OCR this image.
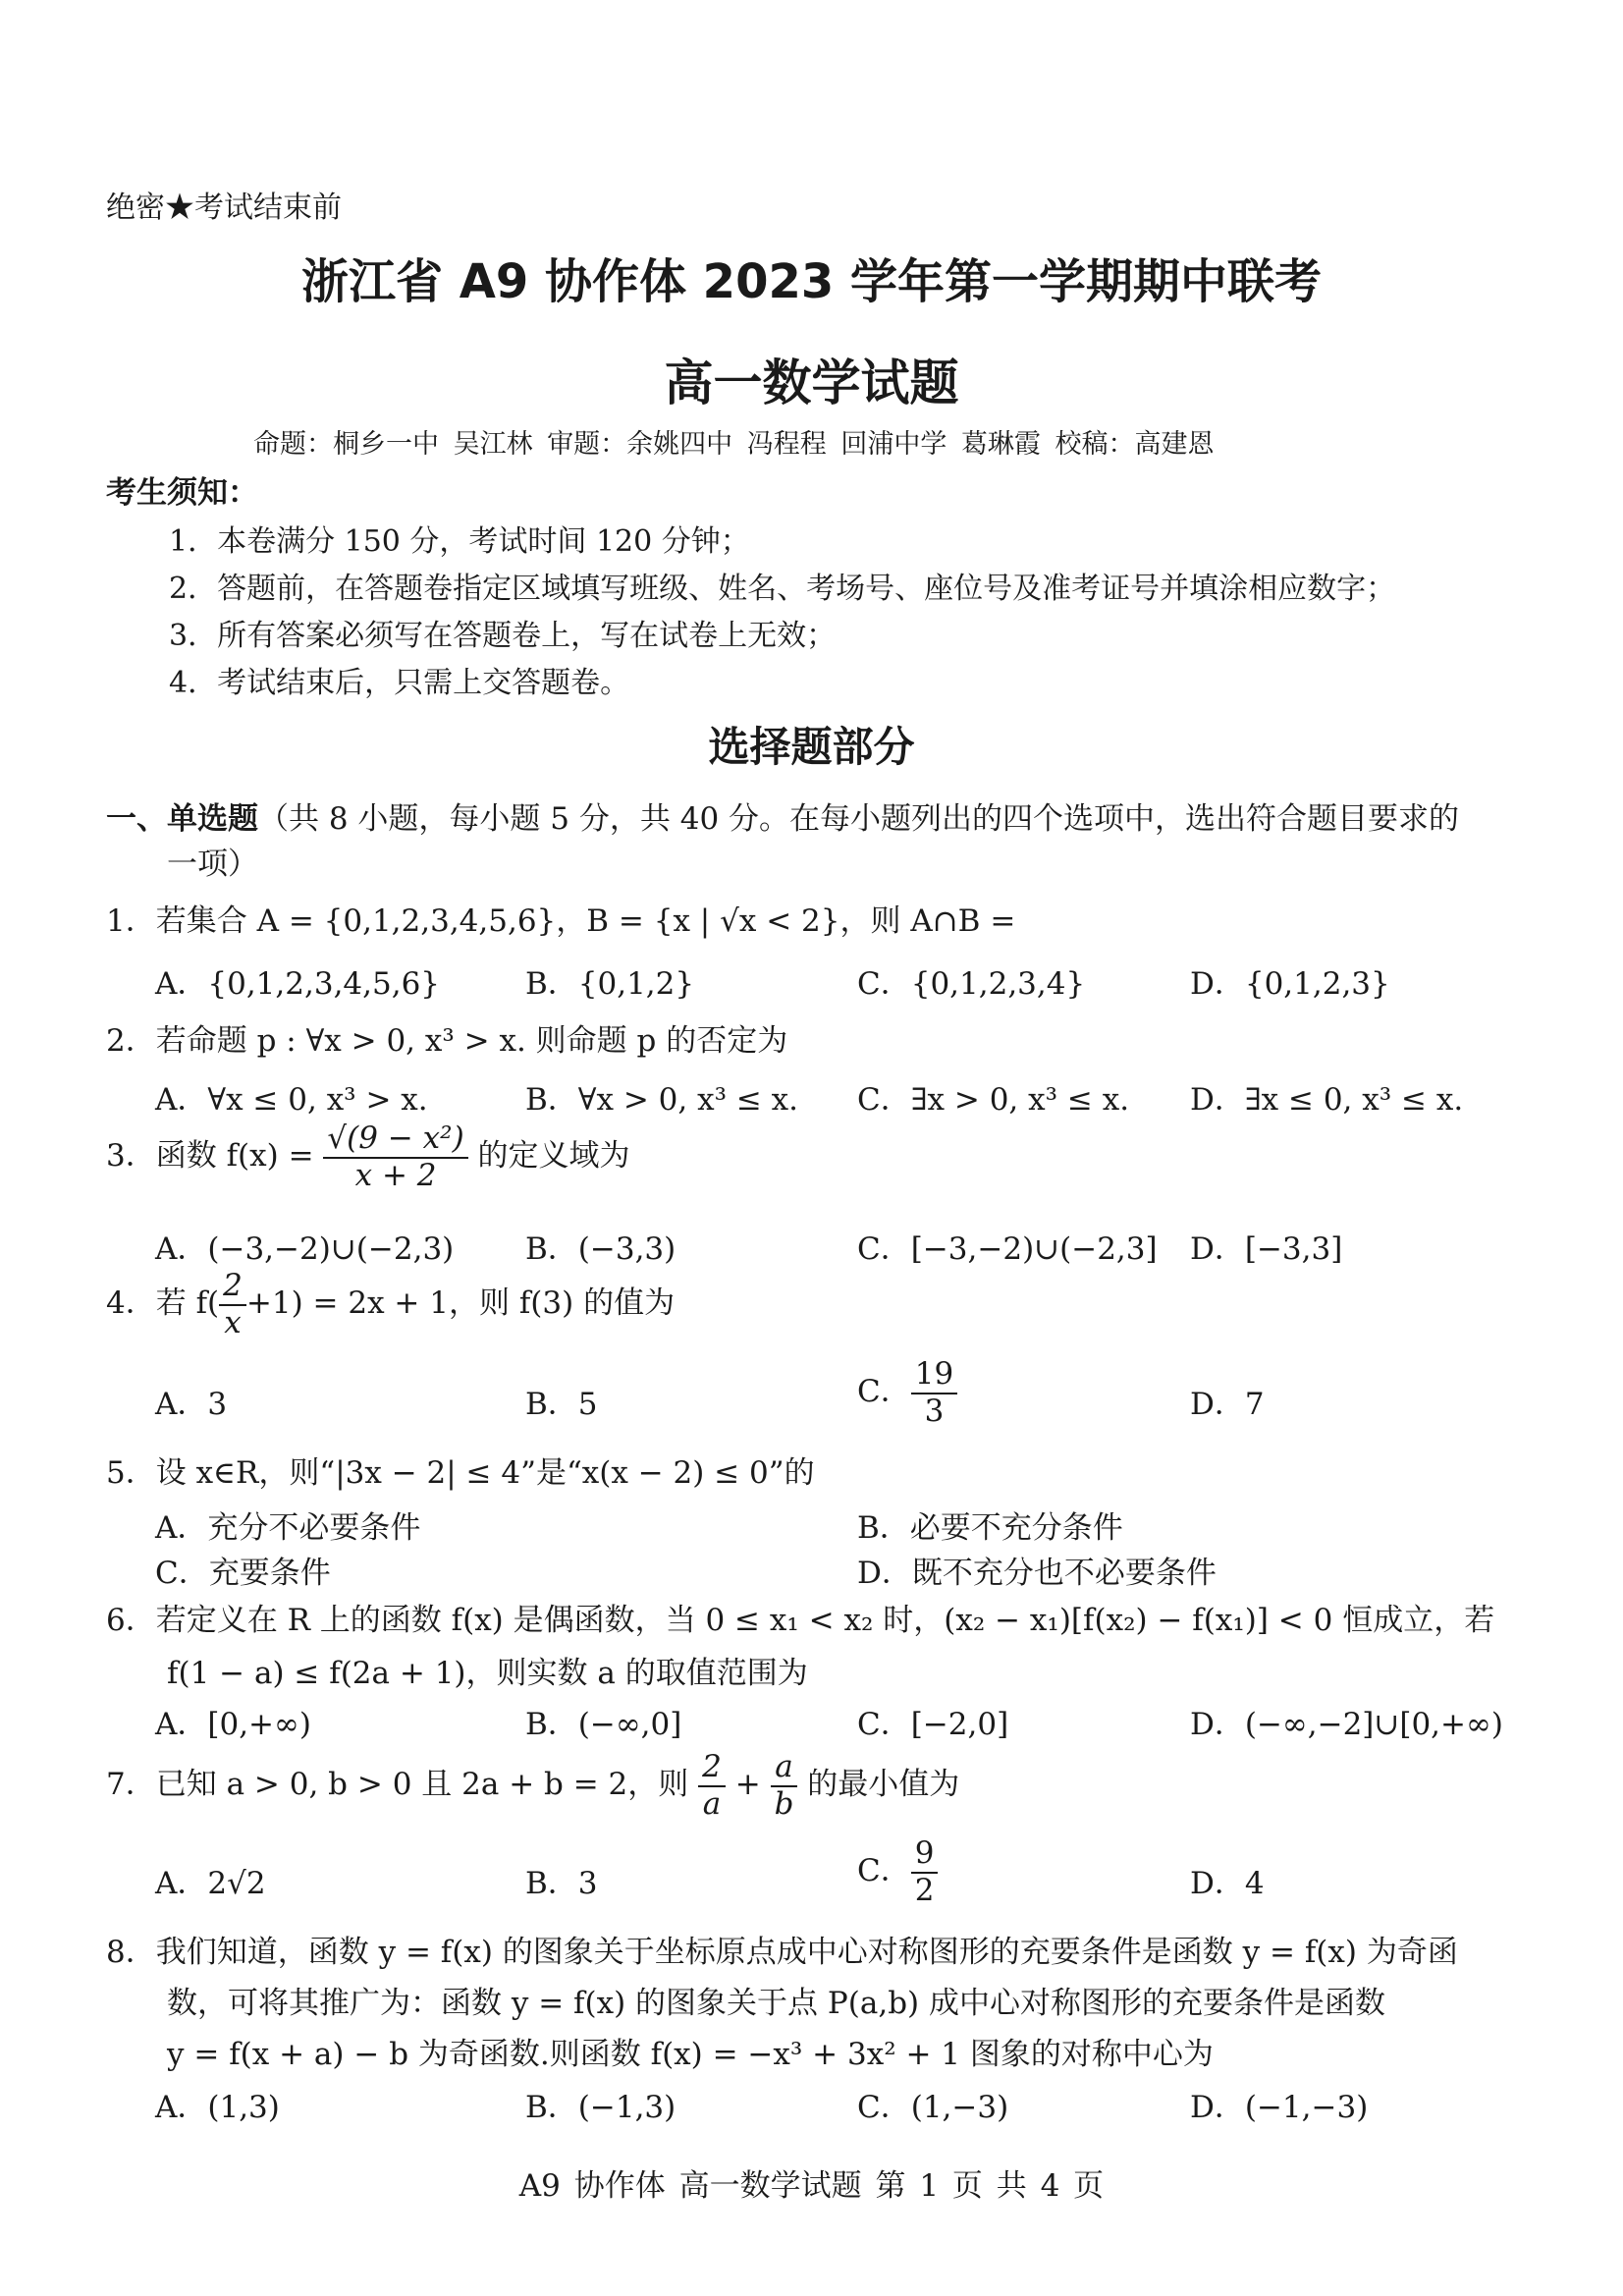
绝密★考试结束前
浙江省 A9 协作体 2023 学年第一学期期中联考
高一数学试题
命题：桐乡一中 吴江林 审题：余姚四中 冯程程 回浦中学 葛琳霞 校稿：高建恩
考生须知：
1．本卷满分 150 分，考试时间 120 分钟；
2．答题前，在答题卷指定区域填写班级、姓名、考场号、座位号及准考证号并填涂相应数字；
3．所有答案必须写在答题卷上，写在试卷上无效；
4．考试结束后，只需上交答题卷。
选择题部分
一、单选题（共 8 小题，每小题 5 分，共 40 分。在每小题列出的四个选项中，选出符合题目要求的
一项）
1．若集合 A = {0,1,2,3,4,5,6}，B = {x | √x < 2}，则 A∩B =
A．{0,1,2,3,4,5,6}	B．{0,1,2}	C．{0,1,2,3,4}	D．{0,1,2,3}
2．若命题 p : ∀x > 0, x³ > x. 则命题 p 的否定为
A．∀x ≤ 0, x³ > x.	B．∀x > 0, x³ ≤ x. C．∃x > 0, x³ ≤ x. D．∃x ≤ 0, x³ ≤ x.
3．函数 $f(x) = \frac{\text{√(9 − x²)}}{x + 2}$ 的定义域为
A．(−3,−2)∪(−2,3) B．(−3,3)	C．[−3,−2)∪(−2,3] D．[−3,3]
4．若 $f( \frac{2}{x} +1) = 2x + 1$，则 f(3) 的值为
A．3	B．5	C． $\frac{19}{3}$	D．7
5．设 x∈R，则“|3x − 2| ≤ 4”是“x(x − 2) ≤ 0”的
A．充分不必要条件	B．必要不充分条件
C．充要条件	D．既不充分也不必要条件
6．若定义在 R 上的函数 f(x) 是偶函数，当 0 ≤ x₁ < x₂ 时，(x₂ − x₁)[f(x₂) − f(x₁)] < 0 恒成立，若
f(1 − a) ≤ f(2a + 1)，则实数 a 的取值范围为
A．[0,+∞)	B．(−∞,0]	C．[−2,0]	D．(−∞,−2]∪[0,+∞)
7．已知 a > 0, b > 0 且 2a + b = 2，则 $\frac{2}{a} + \frac{a}{b}$ 的最小值为
A．2√2	B．3	C． $\frac{9}{2}$	D．4
8．我们知道，函数 y = f(x) 的图象关于坐标原点成中心对称图形的充要条件是函数 y = f(x) 为奇函
数，可将其推广为：函数 y = f(x) 的图象关于点 P(a,b) 成中心对称图形的充要条件是函数
y = f(x + a) − b 为奇函数.则函数 f(x) = −x³ + 3x² + 1 图象的对称中心为
A．(1,3)	B．(−1,3)	C．(1,−3)	D．(−1,−3)
A9 协作体 高一数学试题 第 1 页 共 4 页
